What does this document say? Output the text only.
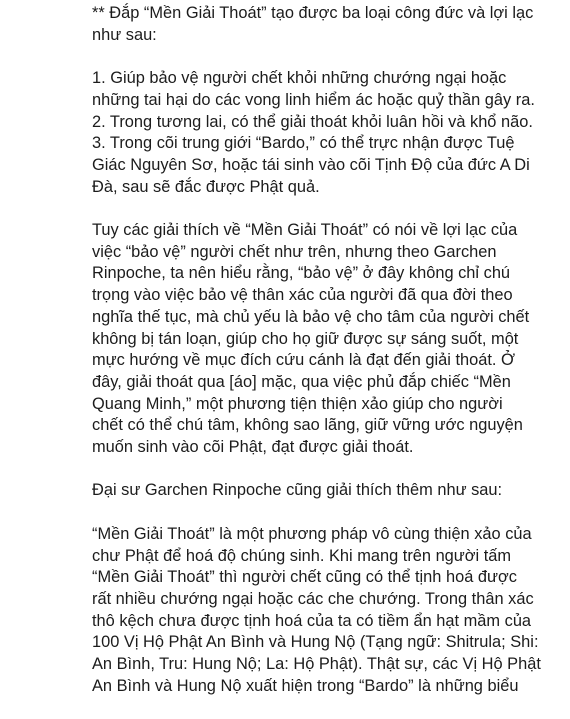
** Đắp “Mền Giải Thoát” tạo được ba loại công đức và lợi lạc
như sau:

1. Giúp bảo vệ người chết khỏi những chướng ngại hoặc
những tai hại do các vong linh hiểm ác hoặc quỷ thần gây ra.
2. Trong tương lai, có thể giải thoát khỏi luân hồi và khổ não.
3. Trong cõi trung giới “Bardo,” có thể trực nhận được Tuệ
Giác Nguyên Sơ, hoặc tái sinh vào cõi Tịnh Độ của đức A Di
Đà, sau sẽ đắc được Phật quả.

Tuy các giải thích về “Mền Giải Thoát” có nói về lợi lạc của
việc “bảo vệ” người chết như trên, nhưng theo Garchen
Rinpoche, ta nên hiểu rằng, “bảo vệ” ở đây không chỉ chú
trọng vào việc bảo vệ thân xác của người đã qua đời theo
nghĩa thế tục, mà chủ yếu là bảo vệ cho tâm của người chết
không bị tán loạn, giúp cho họ giữ được sự sáng suốt, một
mực hướng về mục đích cứu cánh là đạt đến giải thoát. Ở
đây, giải thoát qua [áo] mặc, qua việc phủ đắp chiếc “Mền
Quang Minh,” một phương tiện thiện xảo giúp cho người
chết có thể chú tâm, không sao lãng, giữ vững ước nguyện
muốn sinh vào cõi Phật, đạt được giải thoát.

Đại sư Garchen Rinpoche cũng giải thích thêm như sau:

“Mền Giải Thoát” là một phương pháp vô cùng thiện xảo của
chư Phật để hoá độ chúng sinh. Khi mang trên người tấm
“Mền Giải Thoát” thì người chết cũng có thể tịnh hoá được
rất nhiều chướng ngại hoặc các che chướng. Trong thân xác
thô kệch chưa được tịnh hoá của ta có tiềm ẩn hạt mầm của
100 Vị Hộ Phật An Bình và Hung Nộ (Tạng ngữ: Shitrula; Shi:
An Bình, Tru: Hung Nộ; La: Hộ Phật). Thật sự, các Vị Hộ Phật
An Bình và Hung Nộ xuất hiện trong “Bardo” là những biểu
